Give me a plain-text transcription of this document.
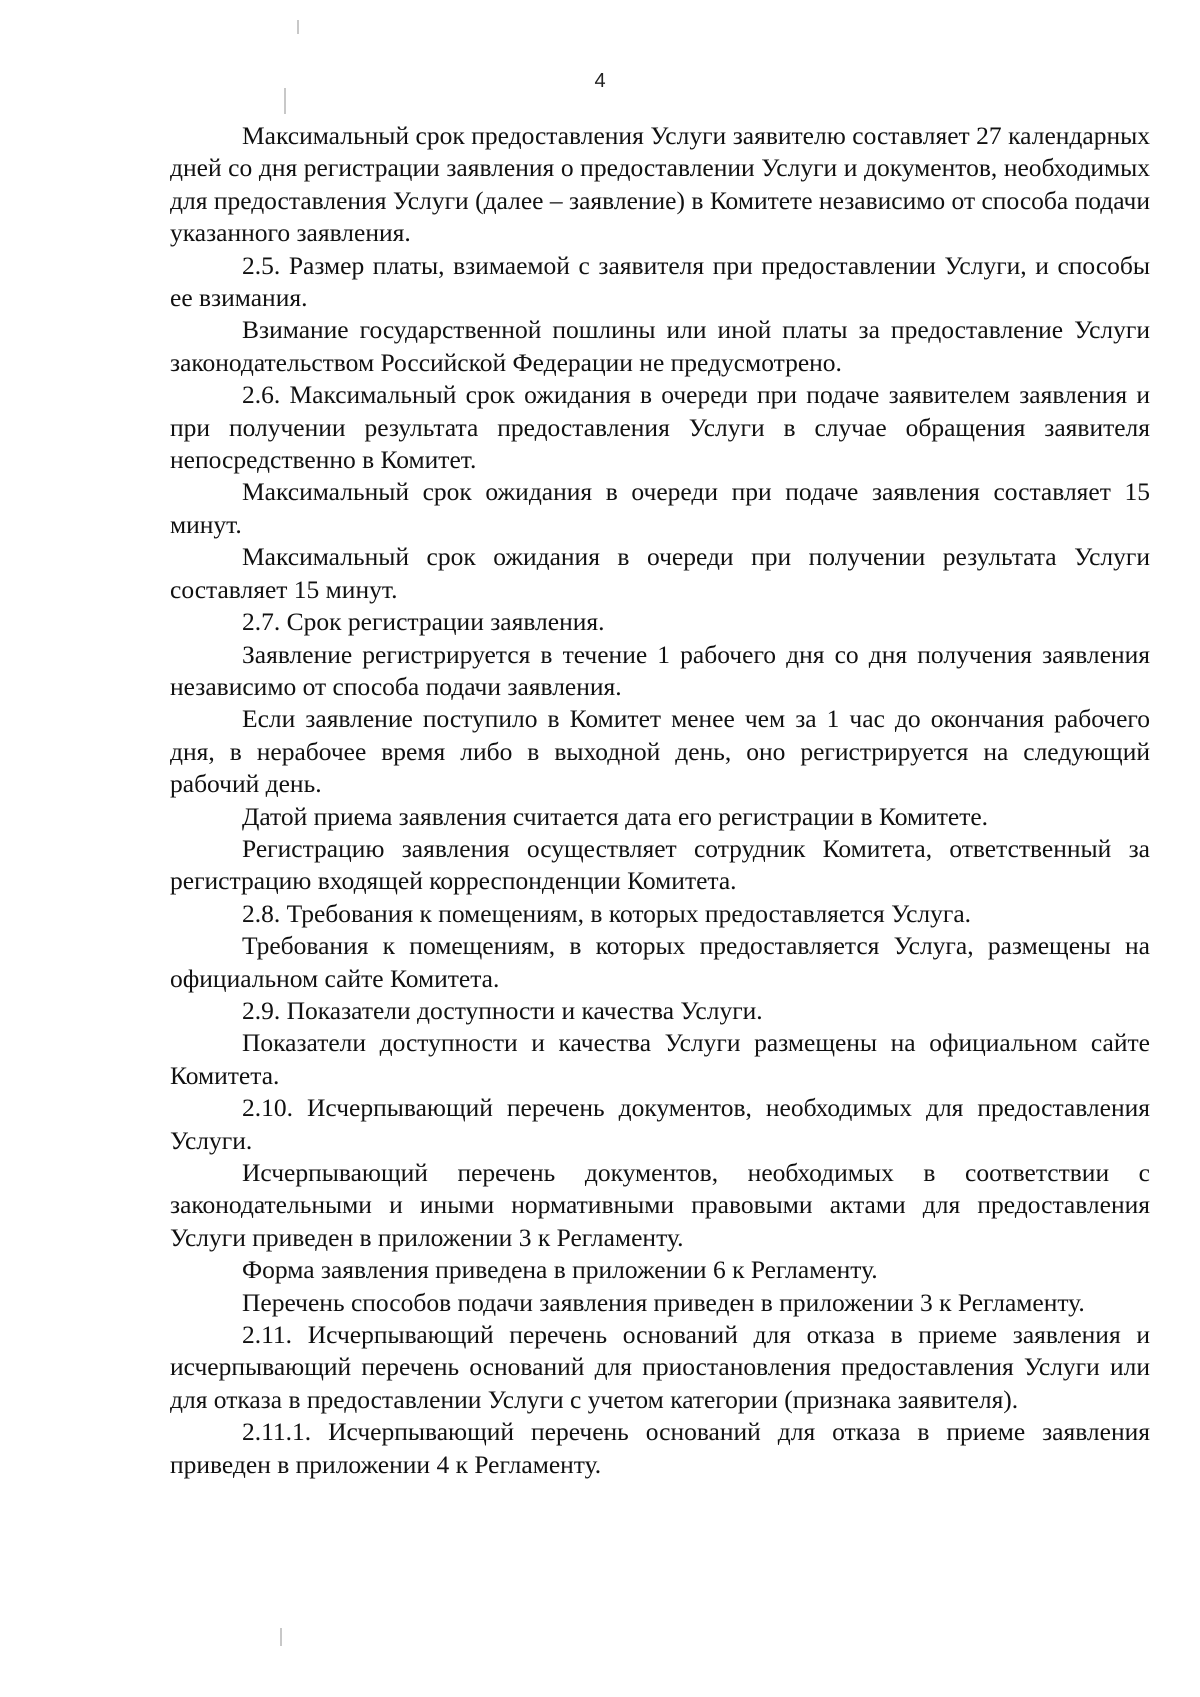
4

Максимальный срок предоставления Услуги заявителю составляет 27 календарных дней со дня регистрации заявления о предоставлении Услуги и документов, необходимых для предоставления Услуги (далее – заявление) в Комитете независимо от способа подачи указанного заявления.

2.5. Размер платы, взимаемой с заявителя при предоставлении Услуги, и способы ее взимания.

Взимание государственной пошлины или иной платы за предоставление Услуги законодательством Российской Федерации не предусмотрено.

2.6. Максимальный срок ожидания в очереди при подаче заявителем заявления и при получении результата предоставления Услуги в случае обращения заявителя непосредственно в Комитет.

Максимальный срок ожидания в очереди при подаче заявления составляет 15 минут.

Максимальный срок ожидания в очереди при получении результата Услуги составляет 15 минут.

2.7. Срок регистрации заявления.

Заявление регистрируется в течение 1 рабочего дня со дня получения заявления независимо от способа подачи заявления.

Если заявление поступило в Комитет менее чем за 1 час до окончания рабочего дня, в нерабочее время либо в выходной день, оно регистрируется на следующий рабочий день.

Датой приема заявления считается дата его регистрации в Комитете.

Регистрацию заявления осуществляет сотрудник Комитета, ответственный за регистрацию входящей корреспонденции Комитета.

2.8. Требования к помещениям, в которых предоставляется Услуга.

Требования к помещениям, в которых предоставляется Услуга, размещены на официальном сайте Комитета.

2.9. Показатели доступности и качества Услуги.

Показатели доступности и качества Услуги размещены на официальном сайте Комитета.

2.10. Исчерпывающий перечень документов, необходимых для предоставления Услуги.

Исчерпывающий перечень документов, необходимых в соответствии с законодательными и иными нормативными правовыми актами для предоставления Услуги приведен в приложении 3 к Регламенту.

Форма заявления приведена в приложении 6 к Регламенту.

Перечень способов подачи заявления приведен в приложении 3 к Регламенту.

2.11. Исчерпывающий перечень оснований для отказа в приеме заявления и исчерпывающий перечень оснований для приостановления предоставления Услуги или для отказа в предоставлении Услуги с учетом категории (признака заявителя).

2.11.1. Исчерпывающий перечень оснований для отказа в приеме заявления приведен в приложении 4 к Регламенту.
